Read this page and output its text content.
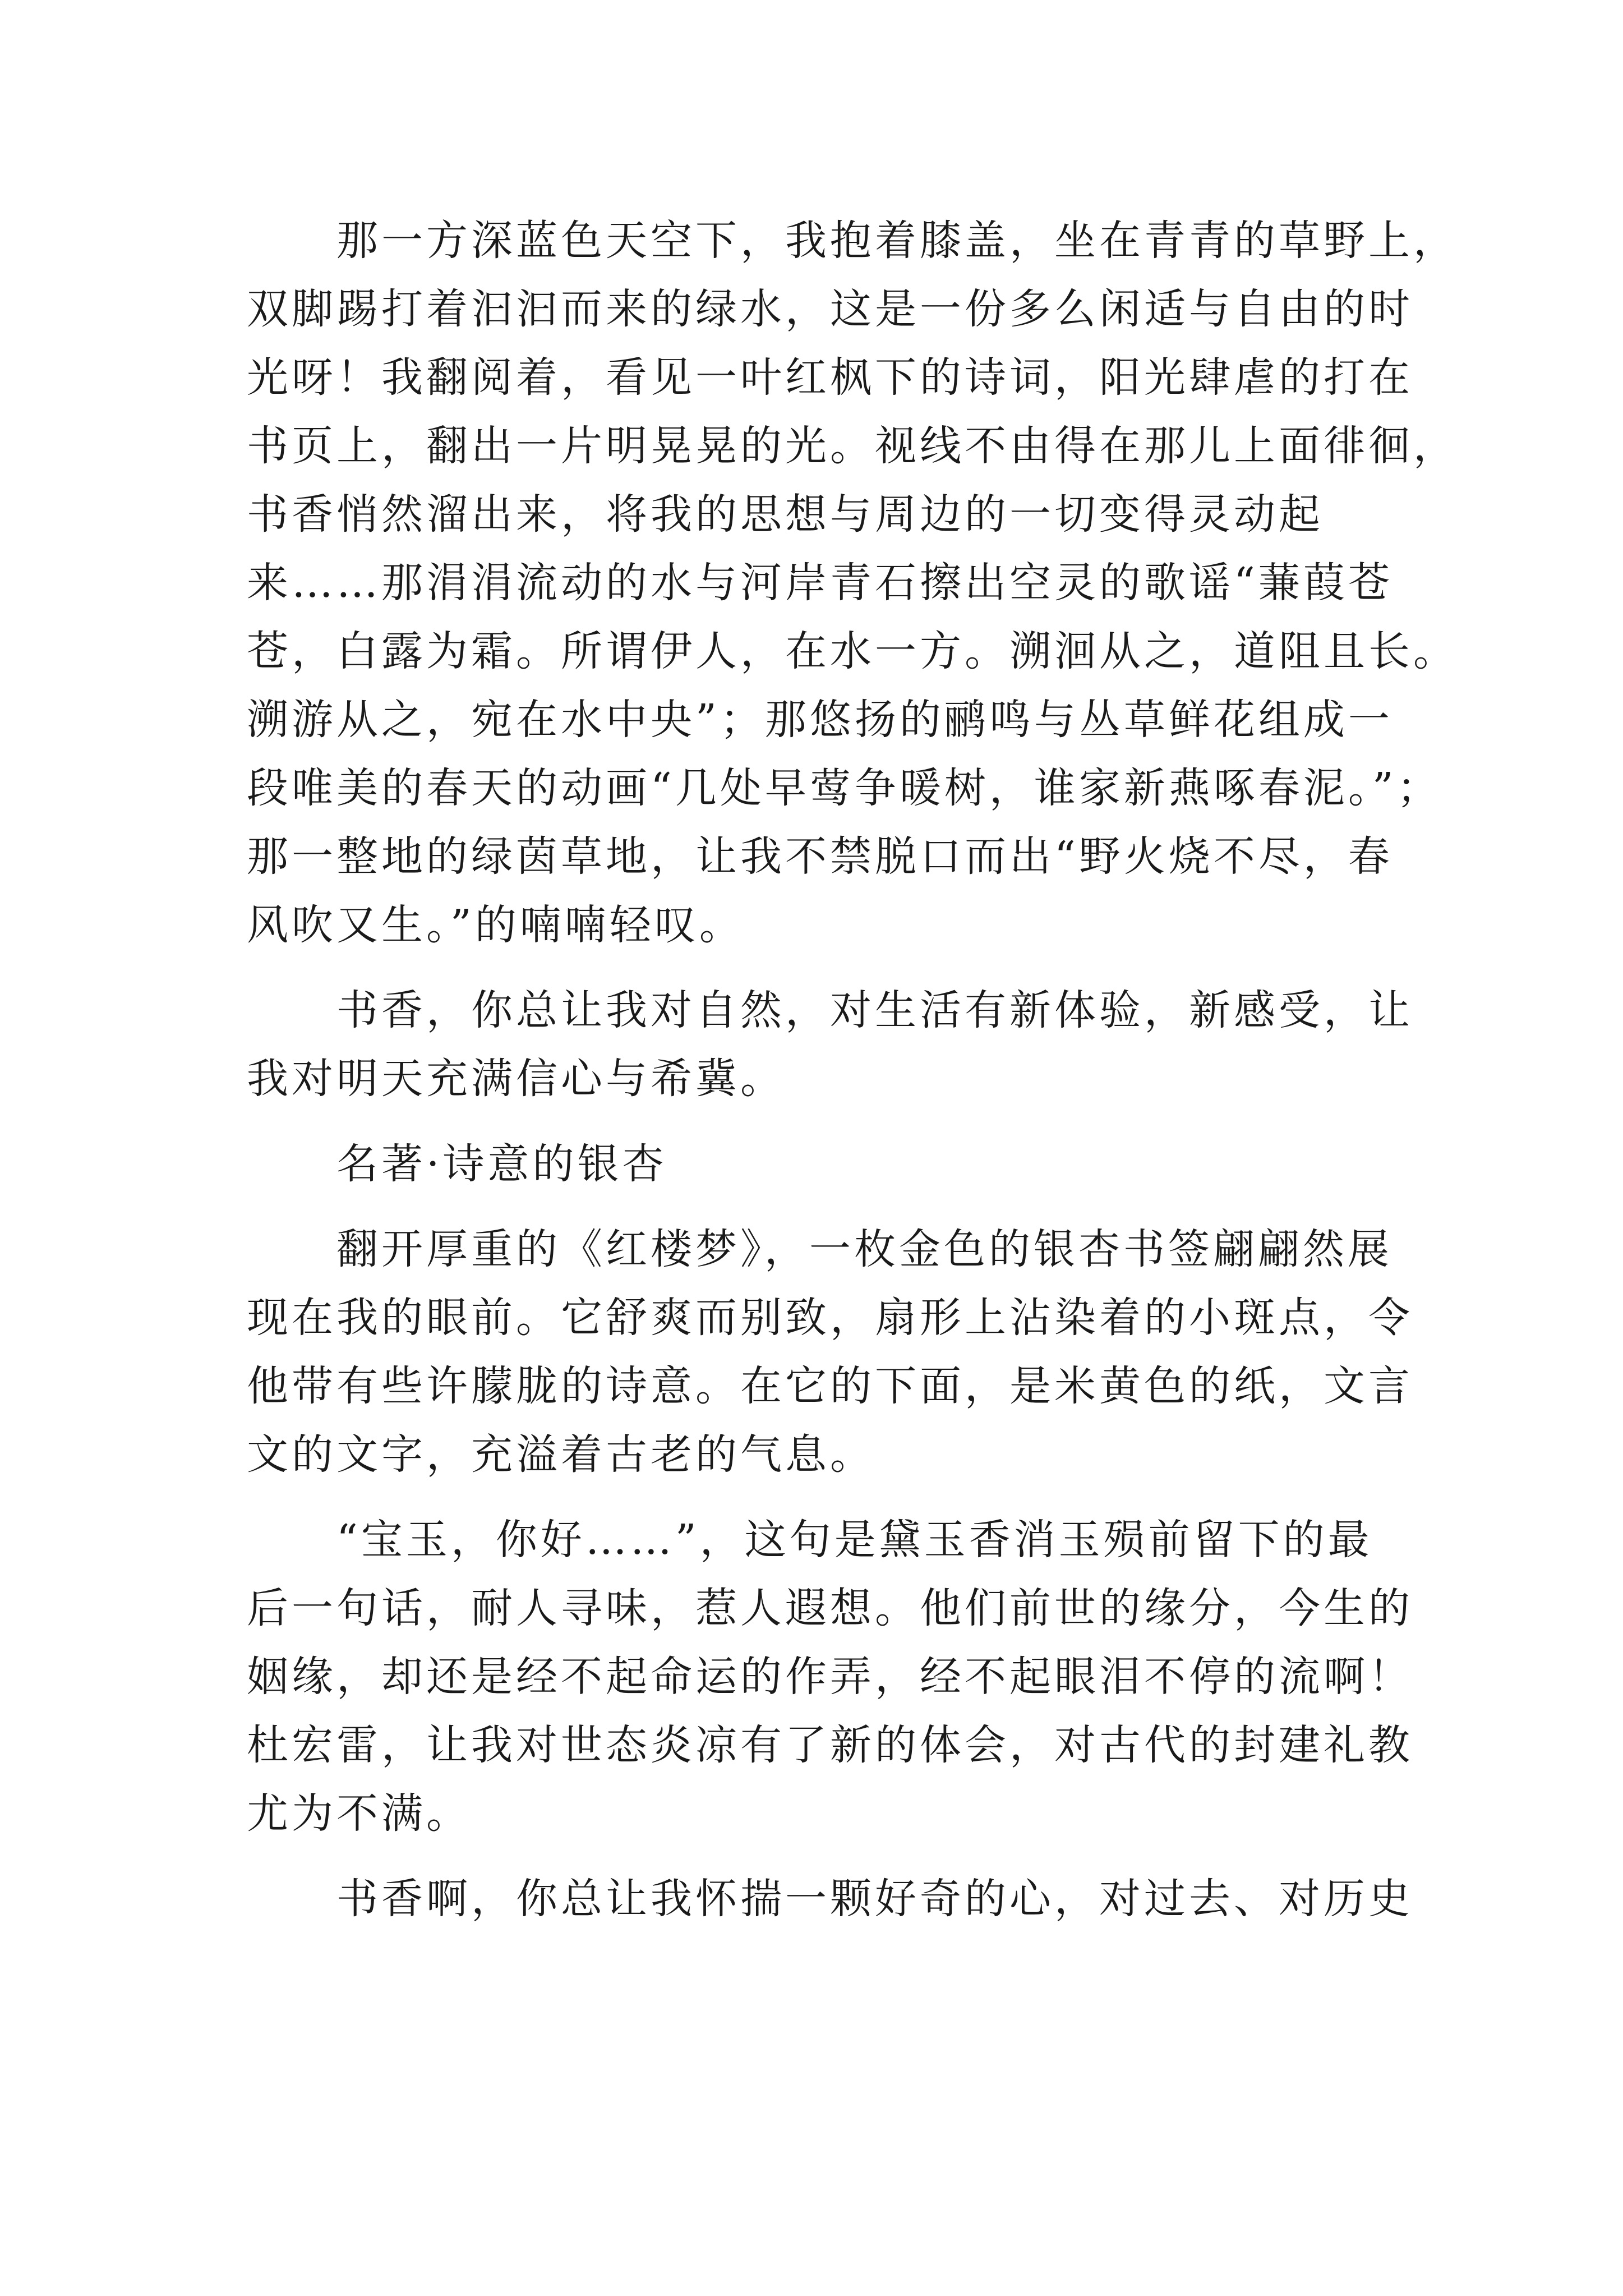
　　那一方深蓝色天空下，我抱着膝盖，坐在青青的草野上，
双脚踢打着汩汩而来的绿水，这是一份多么闲适与自由的时
光呀！我翻阅着，看见一叶红枫下的诗词，阳光肆虐的打在
书页上，翻出一片明晃晃的光。视线不由得在那儿上面徘徊，
书香悄然溜出来，将我的思想与周边的一切变得灵动起
来……那涓涓流动的水与河岸青石擦出空灵的歌谣“蒹葭苍
苍，白露为霜。所谓伊人，在水一方。溯洄从之，道阻且长。
溯游从之，宛在水中央”；那悠扬的鹂鸣与丛草鲜花组成一
段唯美的春天的动画“几处早莺争暖树，谁家新燕啄春泥。”；
那一整地的绿茵草地，让我不禁脱口而出“野火烧不尽，春
风吹又生。”的喃喃轻叹。
　　书香，你总让我对自然，对生活有新体验，新感受，让
我对明天充满信心与希冀。
　　名著·诗意的银杏
　　翻开厚重的《红楼梦》，一枚金色的银杏书签翩翩然展
现在我的眼前。它舒爽而别致，扇形上沾染着的小斑点，令
他带有些许朦胧的诗意。在它的下面，是米黄色的纸，文言
文的文字，充溢着古老的气息。
　　“宝玉，你好……”，这句是黛玉香消玉殒前留下的最
后一句话，耐人寻味，惹人遐想。他们前世的缘分，今生的
姻缘，却还是经不起命运的作弄，经不起眼泪不停的流啊！
杜宏雷，让我对世态炎凉有了新的体会，对古代的封建礼教
尤为不满。
　　书香啊，你总让我怀揣一颗好奇的心，对过去、对历史
